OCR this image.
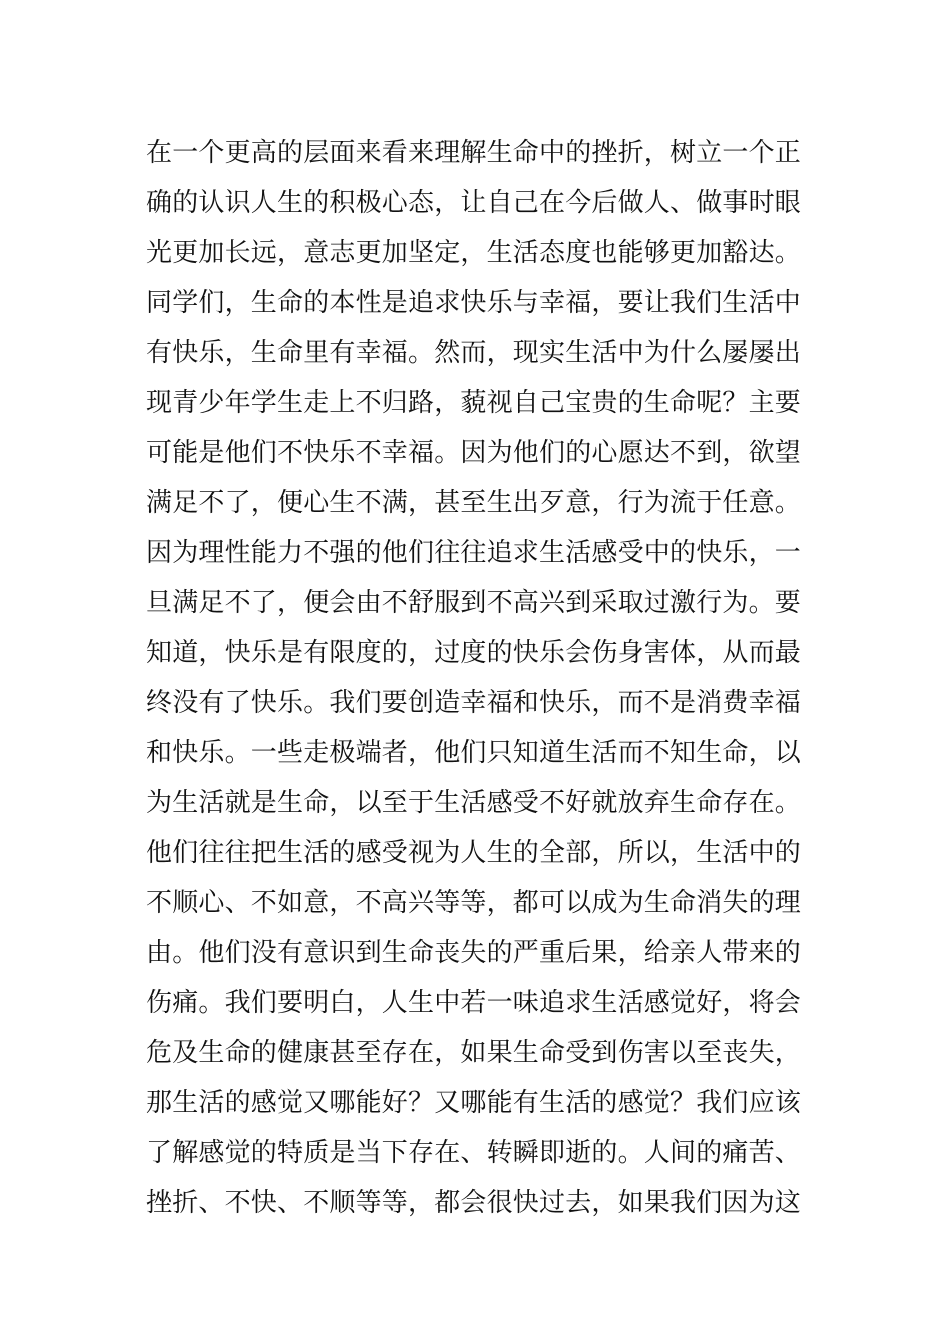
在一个更高的层面来看来理解生命中的挫折，树立一个正
确的认识人生的积极心态，让自己在今后做人、做事时眼
光更加长远，意志更加坚定，生活态度也能够更加豁达。
同学们，生命的本性是追求快乐与幸福，要让我们生活中
有快乐，生命里有幸福。然而，现实生活中为什么屡屡出
现青少年学生走上不归路，藐视自己宝贵的生命呢？主要
可能是他们不快乐不幸福。因为他们的心愿达不到，欲望
满足不了，便心生不满，甚至生出歹意，行为流于任意。
因为理性能力不强的他们往往追求生活感受中的快乐，一
旦满足不了，便会由不舒服到不高兴到采取过激行为。要
知道，快乐是有限度的，过度的快乐会伤身害体，从而最
终没有了快乐。我们要创造幸福和快乐，而不是消费幸福
和快乐。一些走极端者，他们只知道生活而不知生命，以
为生活就是生命，以至于生活感受不好就放弃生命存在。
他们往往把生活的感受视为人生的全部，所以，生活中的
不顺心、不如意，不高兴等等，都可以成为生命消失的理
由。他们没有意识到生命丧失的严重后果，给亲人带来的
伤痛。我们要明白，人生中若一味追求生活感觉好，将会
危及生命的健康甚至存在，如果生命受到伤害以至丧失，
那生活的感觉又哪能好？又哪能有生活的感觉？我们应该
了解感觉的特质是当下存在、转瞬即逝的。人间的痛苦、
挫折、不快、不顺等等，都会很快过去，如果我们因为这
